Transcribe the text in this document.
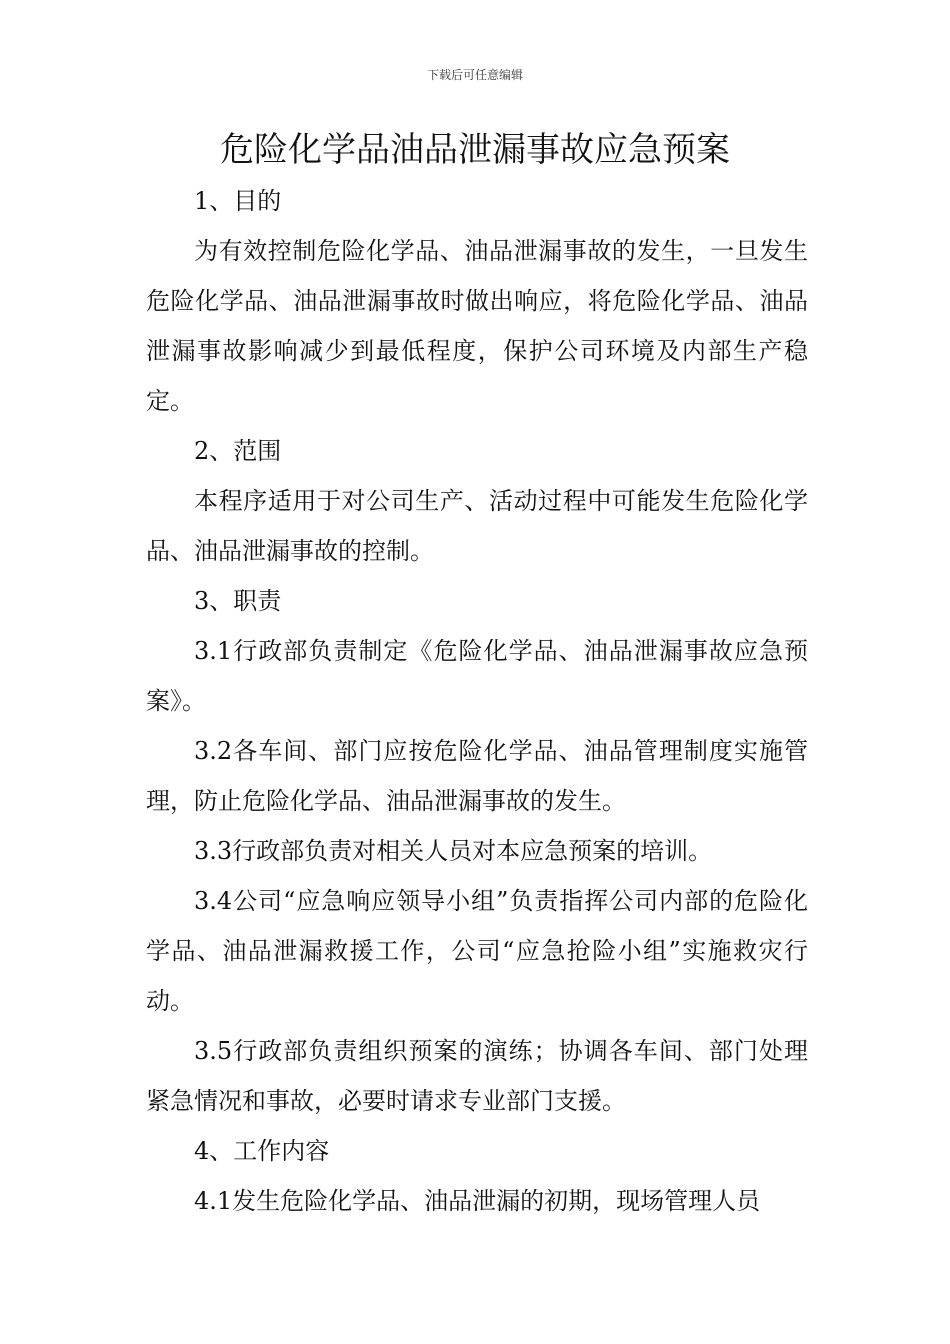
下载后可任意编辑
危险化学品油品泄漏事故应急预案

1、目的

为有效控制危险化学品、油品泄漏事故的发生，一旦发生危险化学品、油品泄漏事故时做出响应，将危险化学品、油品泄漏事故影响减少到最低程度，保护公司环境及内部生产稳定。

2、范围

本程序适用于对公司生产、活动过程中可能发生危险化学品、油品泄漏事故的控制。

3、职责

3.1行政部负责制定《危险化学品、油品泄漏事故应急预案》。

3.2各车间、部门应按危险化学品、油品管理制度实施管理，防止危险化学品、油品泄漏事故的发生。

3.3行政部负责对相关人员对本应急预案的培训。

3.4公司“应急响应领导小组”负责指挥公司内部的危险化学品、油品泄漏救援工作，公司“应急抢险小组”实施救灾行动。

3.5行政部负责组织预案的演练；协调各车间、部门处理紧急情况和事故，必要时请求专业部门支援。

4、工作内容

4.1发生危险化学品、油品泄漏的初期，现场管理人员
